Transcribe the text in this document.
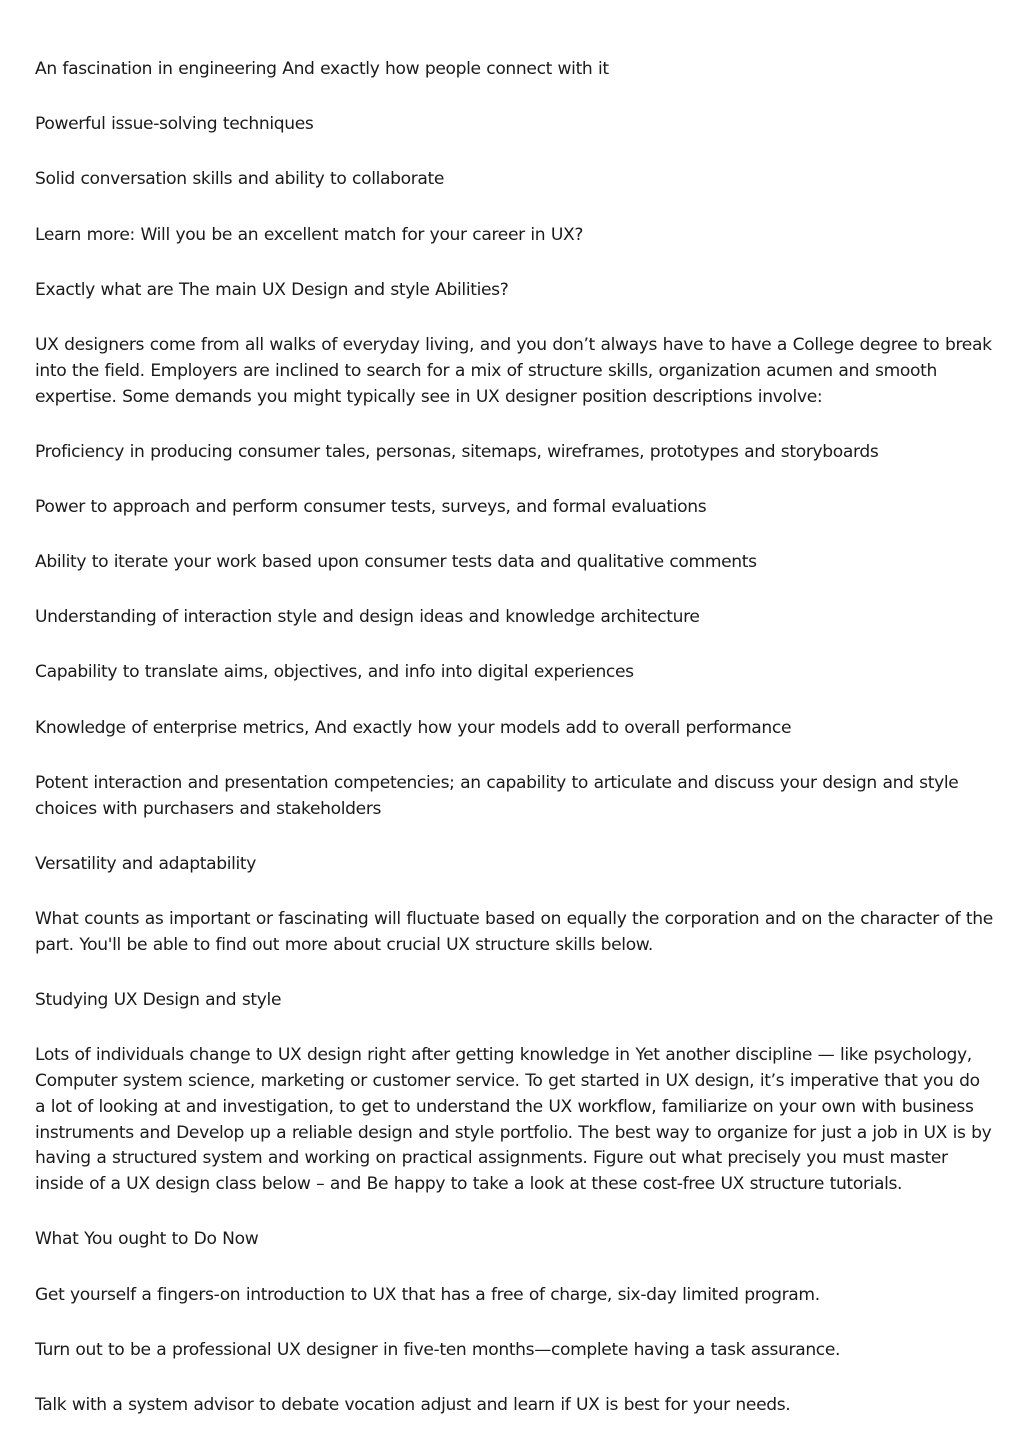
An fascination in engineering And exactly how people connect with it

Powerful issue-solving techniques

Solid conversation skills and ability to collaborate

Learn more: Will you be an excellent match for your career in UX?

Exactly what are The main UX Design and style Abilities?

UX designers come from all walks of everyday living, and you don’t always have to have a College degree to break into the field. Employers are inclined to search for a mix of structure skills, organization acumen and smooth expertise. Some demands you might typically see in UX designer position descriptions involve:

Proficiency in producing consumer tales, personas, sitemaps, wireframes, prototypes and storyboards

Power to approach and perform consumer tests, surveys, and formal evaluations

Ability to iterate your work based upon consumer tests data and qualitative comments

Understanding of interaction style and design ideas and knowledge architecture

Capability to translate aims, objectives, and info into digital experiences

Knowledge of enterprise metrics, And exactly how your models add to overall performance

Potent interaction and presentation competencies; an capability to articulate and discuss your design and style choices with purchasers and stakeholders

Versatility and adaptability

What counts as important or fascinating will fluctuate based on equally the corporation and on the character of the part. You'll be able to find out more about crucial UX structure skills below.

Studying UX Design and style

Lots of individuals change to UX design right after getting knowledge in Yet another discipline — like psychology, Computer system science, marketing or customer service. To get started in UX design, it’s imperative that you do a lot of looking at and investigation, to get to understand the UX workflow, familiarize on your own with business instruments and Develop up a reliable design and style portfolio. The best way to organize for just a job in UX is by having a structured system and working on practical assignments. Figure out what precisely you must master inside of a UX design class below – and Be happy to take a look at these cost-free UX structure tutorials.

What You ought to Do Now

Get yourself a fingers-on introduction to UX that has a free of charge, six-day limited program.

Turn out to be a professional UX designer in five-ten months—complete having a task assurance.

Talk with a system advisor to debate vocation adjust and learn if UX is best for your needs.
